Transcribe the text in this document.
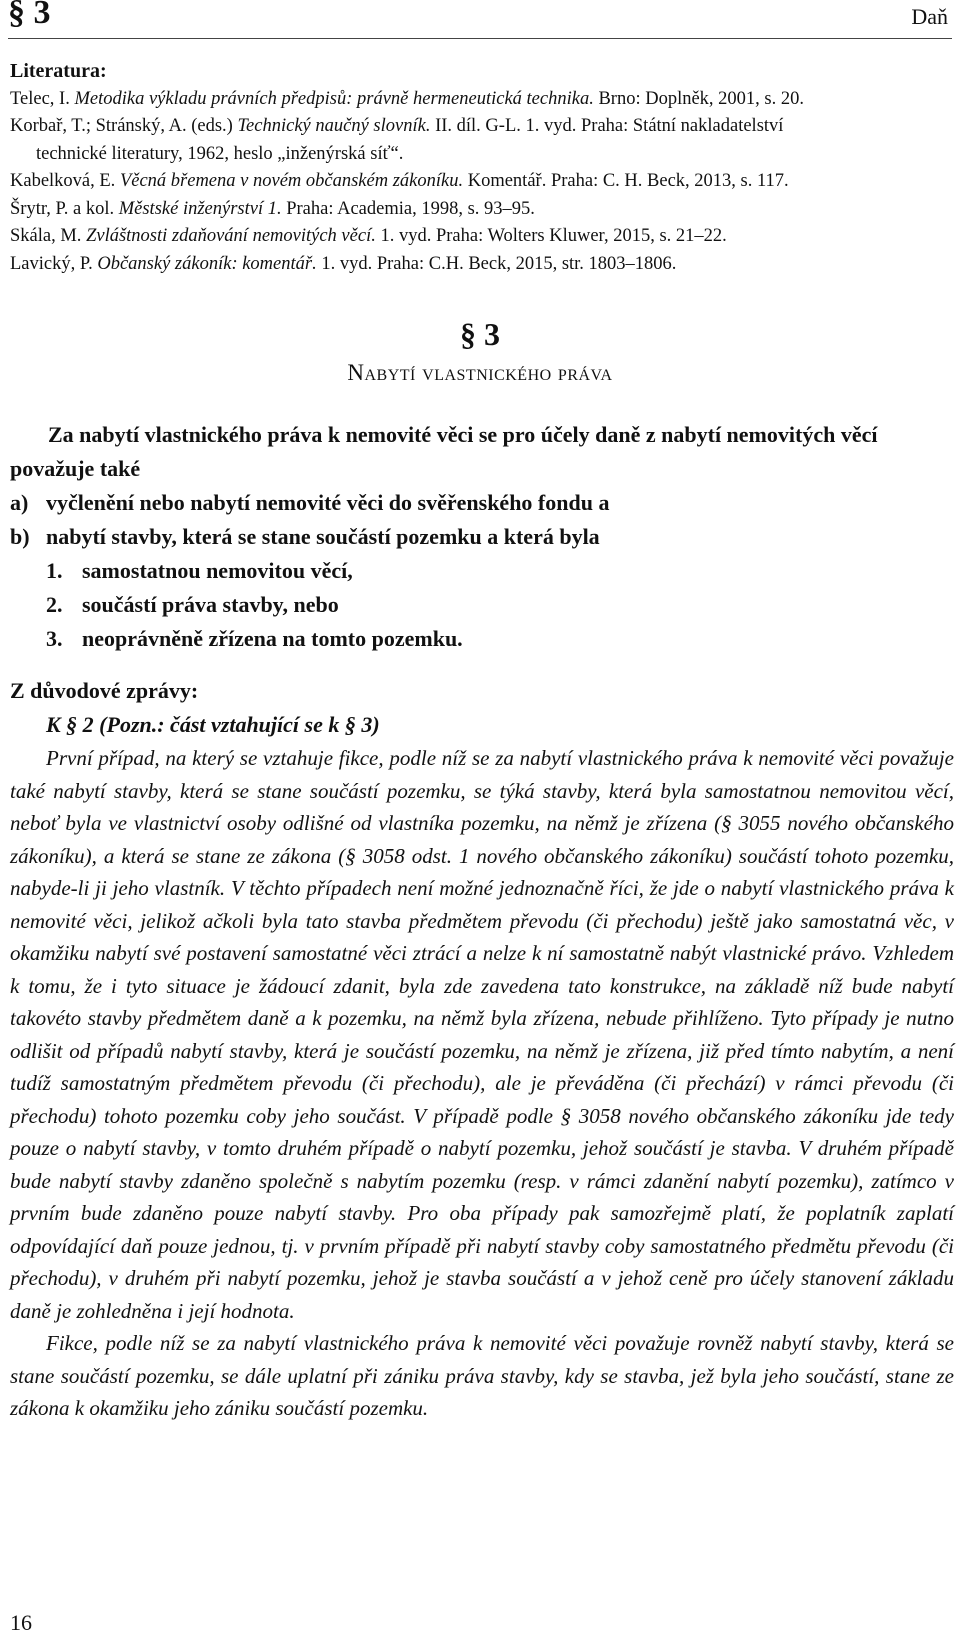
§ 3	Daň

Literatura:

Telec, I. Metodika výkladu právních předpisů: právně hermeneutická technika. Brno: Doplněk, 2001, s. 20.

Korbař, T.; Stránský, A. (eds.) Technický naučný slovník. II. díl. G-L. 1. vyd. Praha: Státní nakladatelství

technické literatury, 1962, heslo „inženýrská síť“.

Kabelková, E. Věcná břemena v novém občanském zákoníku. Komentář. Praha: C. H. Beck, 2013, s. 117.

Šrytr, P. a kol. Městské inženýrství 1. Praha: Academia, 1998, s. 93–95.

Skála, M. Zvláštnosti zdaňování nemovitých věcí. 1. vyd. Praha: Wolters Kluwer, 2015, s. 21–22.

Lavický, P. Občanský zákoník: komentář. 1. vyd. Praha: C.H. Beck, 2015, str. 1803–1806.

§ 3
Nabytí vlastnického práva

Za nabytí vlastnického práva k nemovité věci se pro účely daně z nabytí nemovitých věcí považuje také

a) vyčlenění nebo nabytí nemovité věci do svěřenského fondu a
b) nabytí stavby, která se stane součástí pozemku a která byla
1. samostatnou nemovitou věcí,
2. součástí práva stavby, nebo
3. neoprávněně zřízena na tomto pozemku.
Z důvodové zprávy:
K § 2 (Pozn.: část vztahující se k § 3)

První případ, na který se vztahuje fikce, podle níž se za nabytí vlastnického práva k nemovité věci považuje také nabytí stavby, která se stane součástí pozemku, se týká stavby, která byla samostatnou nemovitou věcí, neboť byla ve vlastnictví osoby odlišné od vlastníka pozemku, na němž je zřízena (§ 3055 nového občanského zákoníku), a která se stane ze zákona (§ 3058 odst. 1 nového občanského zákoníku) součástí tohoto pozemku, nabyde-li ji jeho vlastník. V těchto případech není možné jednoznačně říci, že jde o nabytí vlastnického práva k nemovité věci, jelikož ačkoli byla tato stavba předmětem převodu (či přechodu) ještě jako samostatná věc, v okamžiku nabytí své postavení samostatné věci ztrácí a nelze k ní samostatně nabýt vlastnické právo. Vzhledem k tomu, že i tyto situace je žádoucí zdanit, byla zde zavedena tato konstrukce, na základě níž bude nabytí takovéto stavby předmětem daně a k pozemku, na němž byla zřízena, nebude přihlíženo. Tyto případy je nutno odlišit od případů nabytí stavby, která je součástí pozemku, na němž je zřízena, již před tímto nabytím, a není tudíž samostatným předmětem převodu (či přechodu), ale je převáděna (či přechází) v rámci převodu (či přechodu) tohoto pozemku coby jeho součást. V případě podle § 3058 nového občanského zákoníku jde tedy pouze o nabytí stavby, v tomto druhém případě o nabytí pozemku, jehož součástí je stavba. V druhém případě bude nabytí stavby zdaněno společně s nabytím pozemku (resp. v rámci zdanění nabytí pozemku), zatímco v prvním bude zdaněno pouze nabytí stavby. Pro oba případy pak samozřejmě platí, že poplatník zaplatí odpovídající daň pouze jednou, tj. v prvním případě při nabytí stavby coby samostatného předmětu převodu (či přechodu), v druhém při nabytí pozemku, jehož je stavba součástí a v jehož ceně pro účely stanovení základu daně je zohledněna i její hodnota.

Fikce, podle níž se za nabytí vlastnického práva k nemovité věci považuje rovněž nabytí stavby, která se stane součástí pozemku, se dále uplatní při zániku práva stavby, kdy se stavba, jež byla jeho součástí, stane ze zákona k okamžiku jeho zániku součástí pozemku.

16
